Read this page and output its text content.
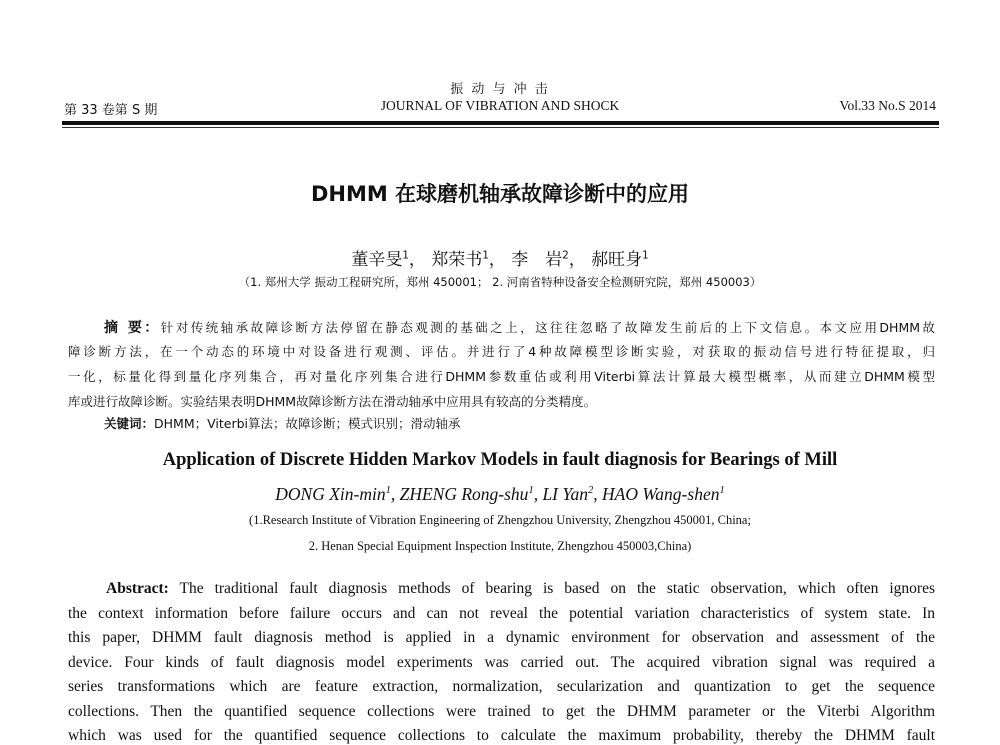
振 动 与 冲 击
第 33 卷第 S 期	JOURNAL OF VIBRATION AND SHOCK	Vol.33 No.S 2014
DHMM 在球磨机轴承故障诊断中的应用
董辛旻$^1$， 郑荣书$^1$， 李　岩$^2$， 郝旺身$^1$
（1. 郑州大学 振动工程研究所，郑州 450001； 2. 河南省特种设备安全检测研究院，郑州 450003）
摘 要：针对传统轴承故障诊断方法停留在静态观测的基础之上，这往往忽略了故障发生前后的上下文信息。本文应用DHMM故
障诊断方法，在一个动态的环境中对设备进行观测、评估。并进行了4种故障模型诊断实验，对获取的振动信号进行特征提取，归
一化，标量化得到量化序列集合，再对量化序列集合进行DHMM参数重估或利用Viterbi算法计算最大模型概率，从而建立DHMM模型
库或进行故障诊断。实验结果表明DHMM故障诊断方法在滑动轴承中应用具有较高的分类精度。
关键词：DHMM；Viterbi算法；故障诊断；模式识别；滑动轴承
Application of Discrete Hidden Markov Models in fault diagnosis for Bearings of Mill
DONG Xin-$\min^1$, ZHENG Rong-shu$^1$, LI Yan$^2$, HAO Wang-shen$^1$
(1.Research Institute of Vibration Engineering of Zhengzhou University, Zhengzhou 450001, China;
2. Henan Special Equipment Inspection Institute, Zhengzhou 450003,China)
Abstract: The traditional fault diagnosis methods of bearing is based on the static observation, which often ignores
the context information before failure occurs and can not reveal the potential variation characteristics of system state. In
this paper, DHMM fault diagnosis method is applied in a dynamic environment for observation and assessment of the
device. Four kinds of fault diagnosis model experiments was carried out. The acquired vibration signal was required a
series transformations which are feature extraction, normalization, secularization and quantization to get the sequence
collections. Then the quantified sequence collections were trained to get the DHMM parameter or the Viterbi Algorithm
which was used for the quantified sequence collections to calculate the maximum probability, thereby the DHMM fault
